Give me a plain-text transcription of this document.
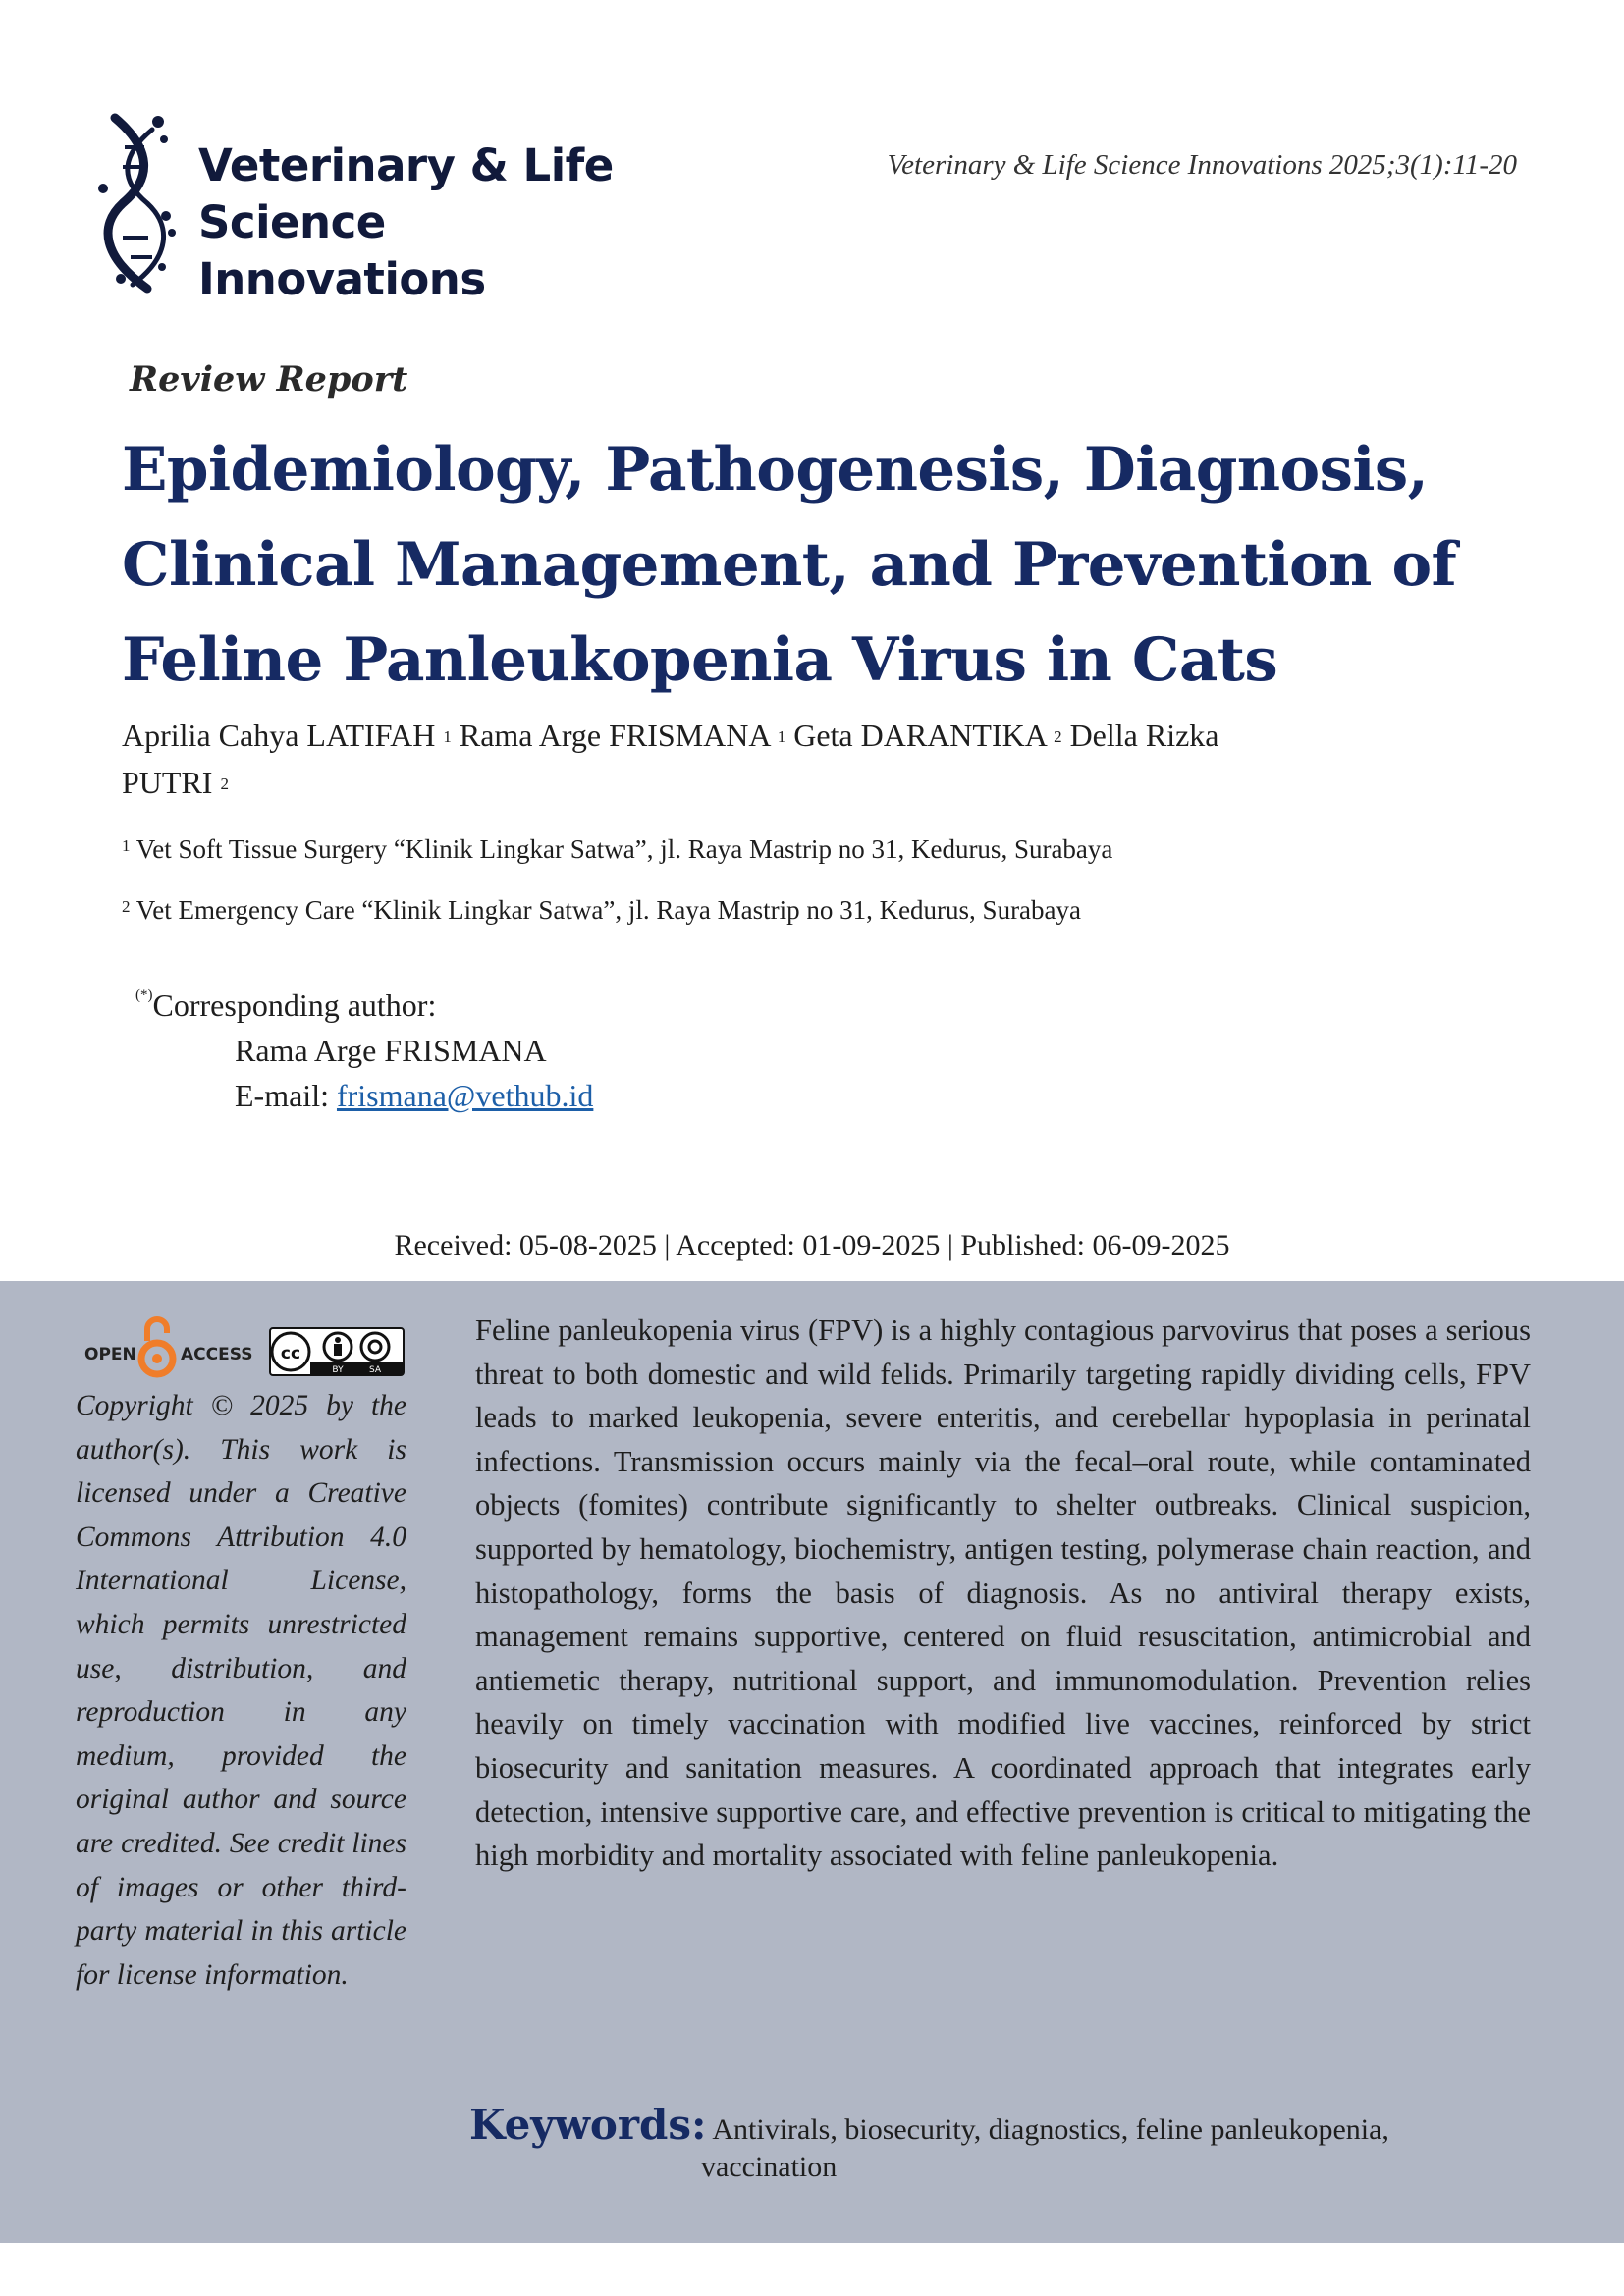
Veterinary & Life Science
Innovations
Veterinary & Life Science Innovations 2025;3(1):11-20
Review Report
Epidemiology, Pathogenesis, Diagnosis,
Clinical Management, and Prevention of
Feline Panleukopenia Virus in Cats
Aprilia Cahya LATIFAH $^1$ Rama Arge FRISMANA $^1$ Geta DARANTIKA $^2$ Della Rizka
PUTRI $^2$
$^1$ Vet Soft Tissue Surgery “Klinik Lingkar Satwa”, jl. Raya Mastrip no 31, Kedurus, Surabaya
$^2$ Vet Emergency Care “Klinik Lingkar Satwa”, jl. Raya Mastrip no 31, Kedurus, Surabaya
(*)Corresponding author:
Rama Arge FRISMANA
E-mail: frismana@vethub.id
Received: 05-08-2025 | Accepted: 01-09-2025 | Published: 06-09-2025
OPEN	ACCESS cc
BY	SA
Copyright © 2025 by the author(s). This work is licensed under a Creative Commons Attribution 4.0 International License, which permits unrestricted use, distribution, and reproduction in any medium, provided the original author and source are credited. See credit lines of images or other third-party material in this article for license information.
Feline panleukopenia virus (FPV) is a highly contagious parvovirus that poses a serious threat to both domestic and wild felids. Primarily targeting rapidly dividing cells, FPV leads to marked leukopenia, severe enteritis, and cerebellar hypoplasia in perinatal infections. Transmission occurs mainly via the fecal–oral route, while contaminated objects (fomites) contribute significantly to shelter outbreaks. Clinical suspicion, supported by hematology, biochemistry, antigen testing, polymerase chain reaction, and histopathology, forms the basis of diagnosis. As no antiviral therapy exists, management remains supportive, centered on fluid resuscitation, antimicrobial and antiemetic therapy, nutritional support, and immunomodulation. Prevention relies heavily on timely vaccination with modified live vaccines, reinforced by strict biosecurity and sanitation measures. A coordinated approach that integrates early detection, intensive supportive care, and effective prevention is critical to mitigating the high morbidity and mortality associated with feline panleukopenia.
Keywords: Antivirals, biosecurity, diagnostics, feline panleukopenia,
vaccination
